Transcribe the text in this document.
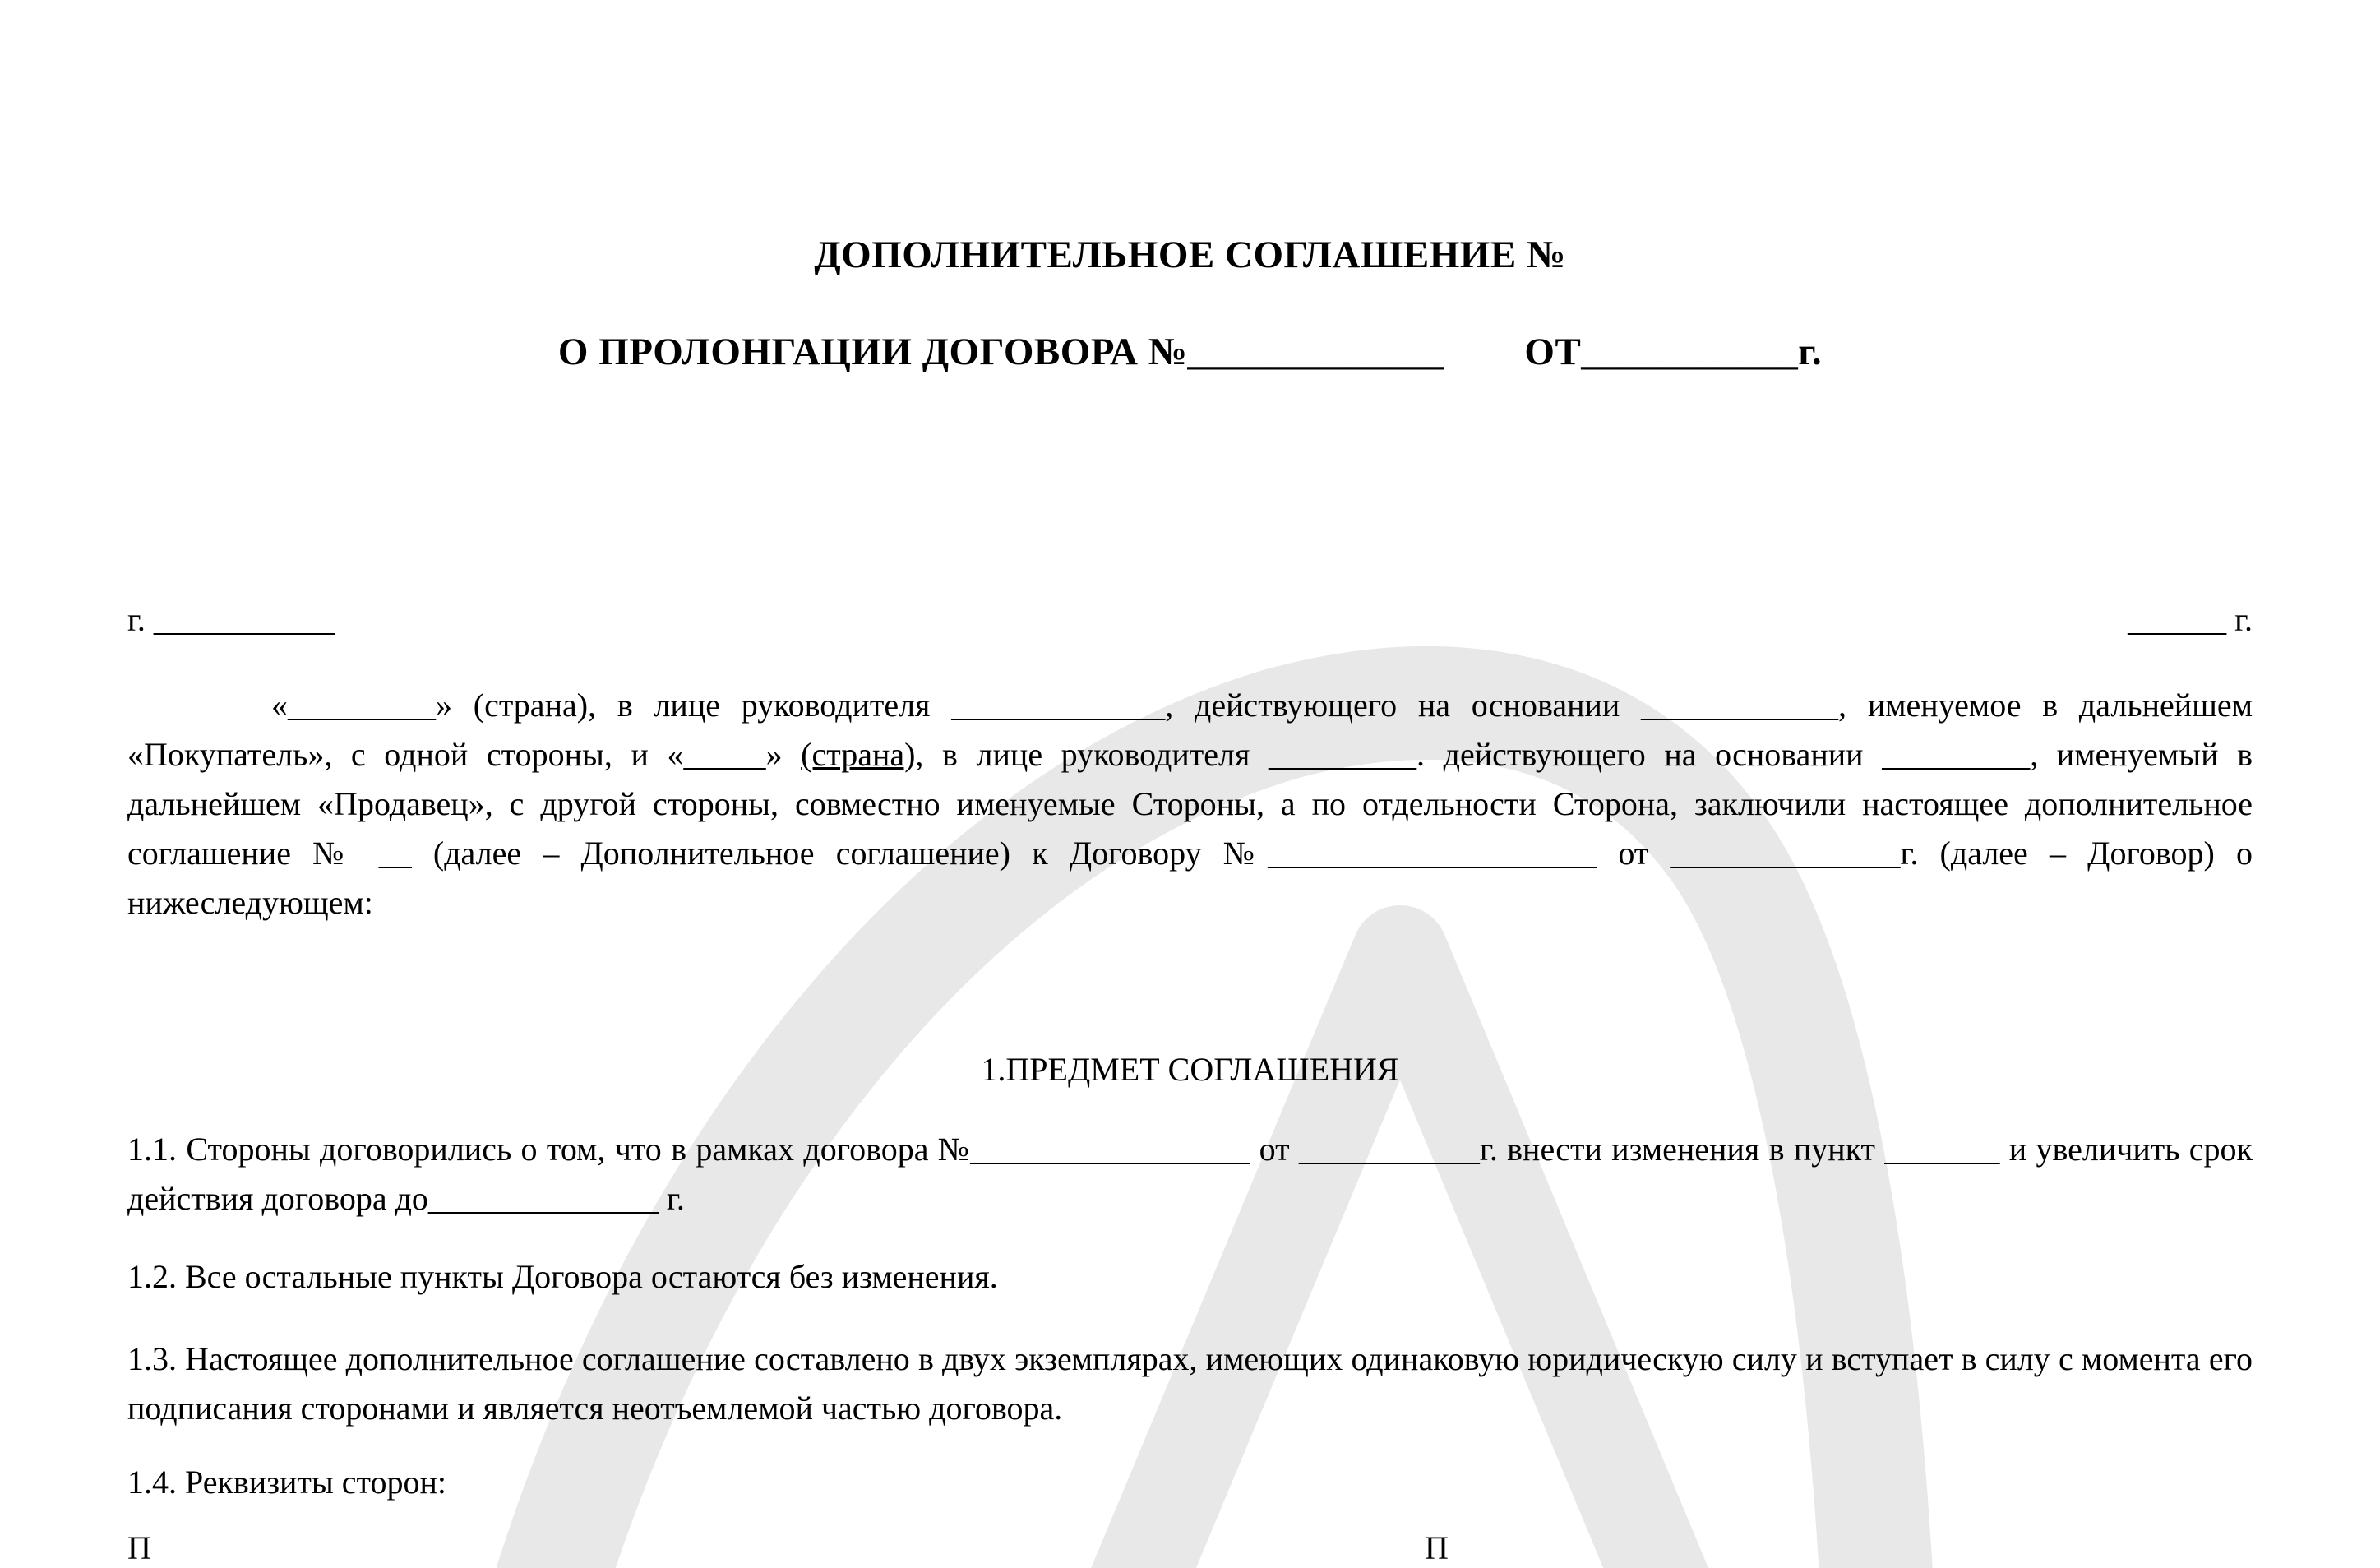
ДОПОЛНИТЕЛЬНОЕ СОГЛАШЕНИЕ №
О ПРОЛОНГАЦИИ ДОГОВОРА №_____________        ОТ___________г.
г. ___________	______ г.

«_________» (страна), в лице руководителя _____________, действующего на основании ____________, именуемое в дальнейшем «Покупатель», с одной стороны, и «_____» (страна), в лице руководителя _________. действующего на основании _________, именуемый в дальнейшем «Продавец», с другой стороны, совместно именуемые Стороны, а по отдельности Сторона, заключили настоящее дополнительное соглашение № __ (далее – Дополнительное соглашение) к Договору №____________________ от ______________г. (далее – Договор) о нижеследующем:

1.ПРЕДМЕТ СОГЛАШЕНИЯ

1.1. Стороны договорились о том, что в рамках договора №_________________ от ___________г. внести изменения в пункт _______ и увеличить срок действия договора до______________ г.

1.2. Все остальные пункты Договора остаются без изменения.

1.3. Настоящее дополнительное соглашение составлено в двух экземплярах, имеющих одинаковую юридическую силу и вступает в силу с момента его подписания сторонами и является неотъемлемой частью договора.

1.4. Реквизиты сторон:

П	П
